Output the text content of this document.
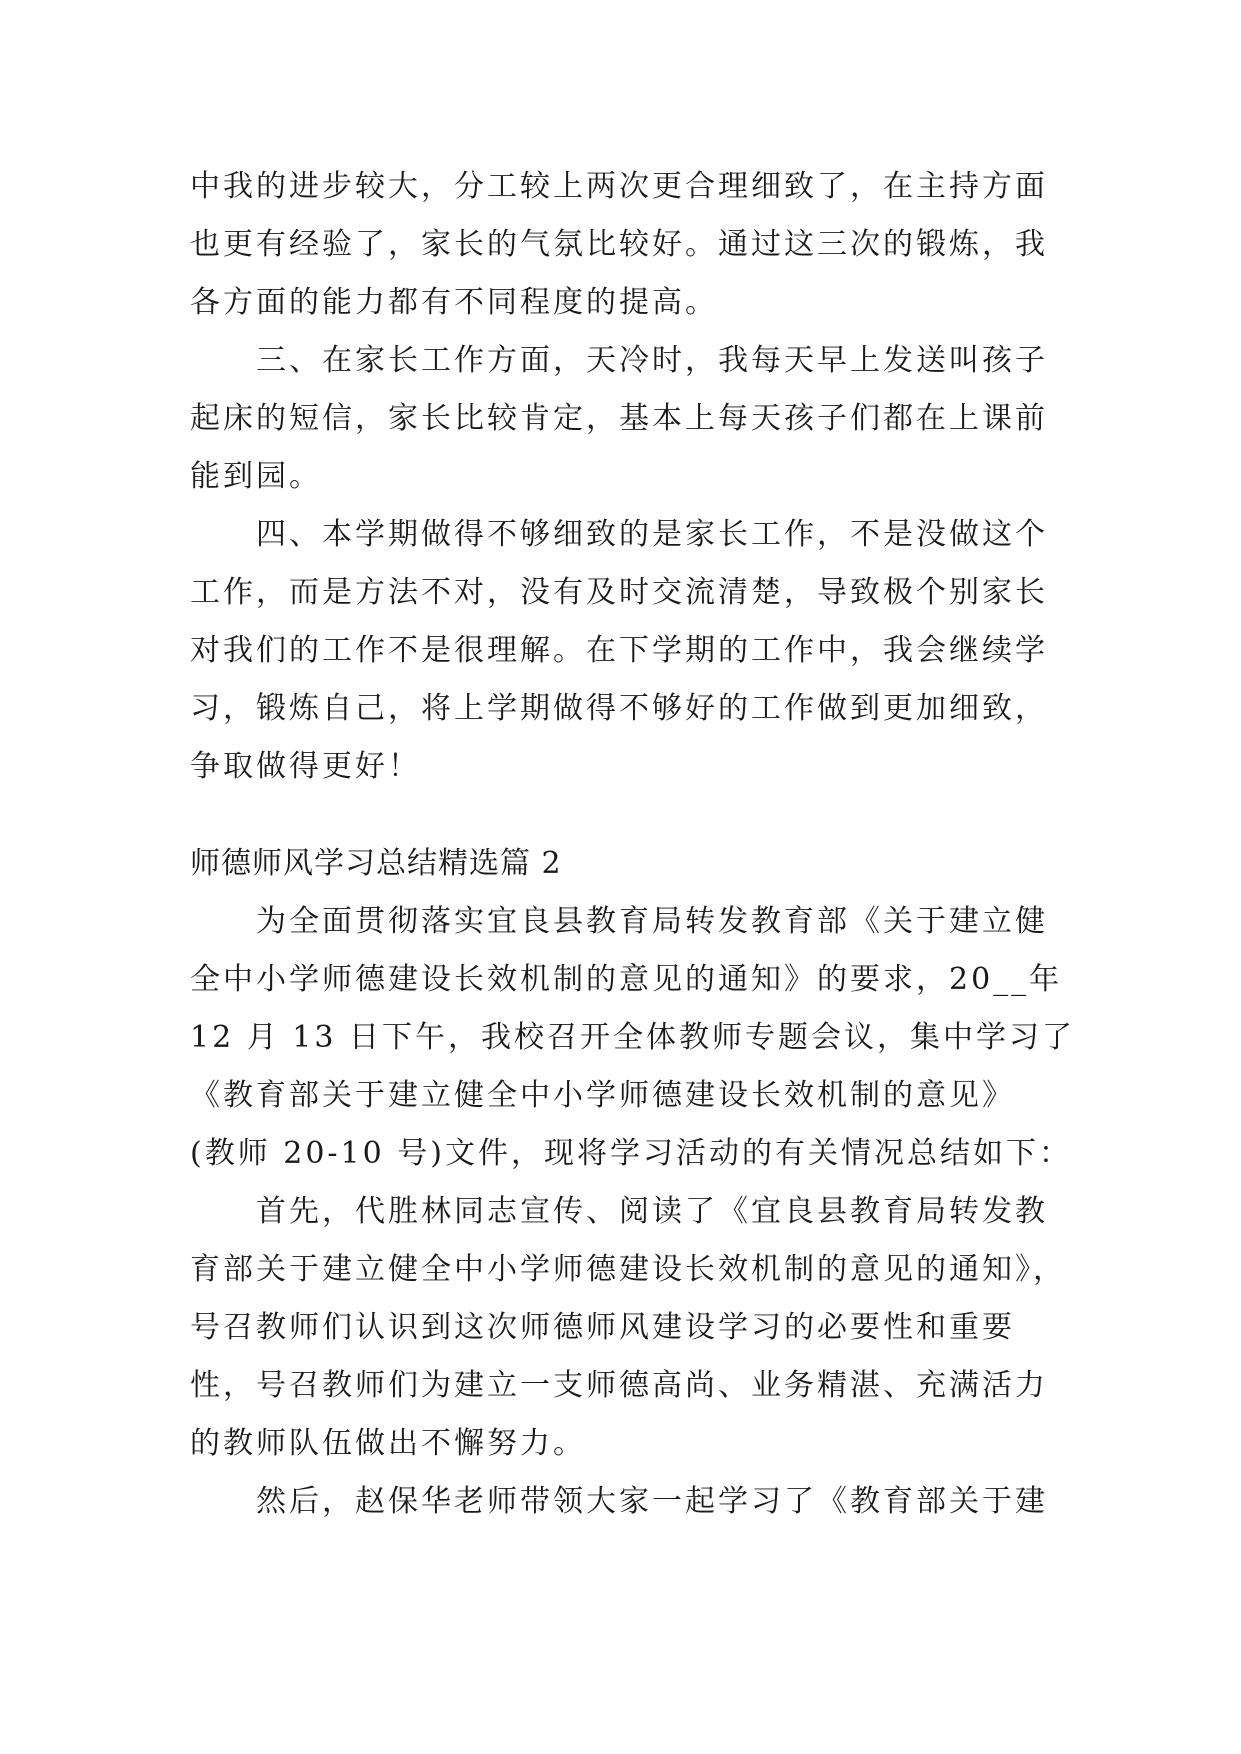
中我的进步较大，分工较上两次更合理细致了，在主持方面
也更有经验了，家长的气氛比较好。通过这三次的锻炼，我
各方面的能力都有不同程度的提高。
三、在家长工作方面，天冷时，我每天早上发送叫孩子
起床的短信，家长比较肯定，基本上每天孩子们都在上课前
能到园。
四、本学期做得不够细致的是家长工作，不是没做这个
工作，而是方法不对，没有及时交流清楚，导致极个别家长
对我们的工作不是很理解。在下学期的工作中，我会继续学
习，锻炼自己，将上学期做得不够好的工作做到更加细致，
争取做得更好！
师德师风学习总结精选篇 2
为全面贯彻落实宜良县教育局转发教育部《关于建立健
全中小学师德建设长效机制的意见的通知》的要求，20__年
12 月 13 日下午，我校召开全体教师专题会议，集中学习了
《教育部关于建立健全中小学师德建设长效机制的意见》
(教师 20-10 号)文件，现将学习活动的有关情况总结如下：
首先，代胜林同志宣传、阅读了《宜良县教育局转发教
育部关于建立健全中小学师德建设长效机制的意见的通知》，
号召教师们认识到这次师德师风建设学习的必要性和重要
性，号召教师们为建立一支师德高尚、业务精湛、充满活力
的教师队伍做出不懈努力。
然后，赵保华老师带领大家一起学习了《教育部关于建
